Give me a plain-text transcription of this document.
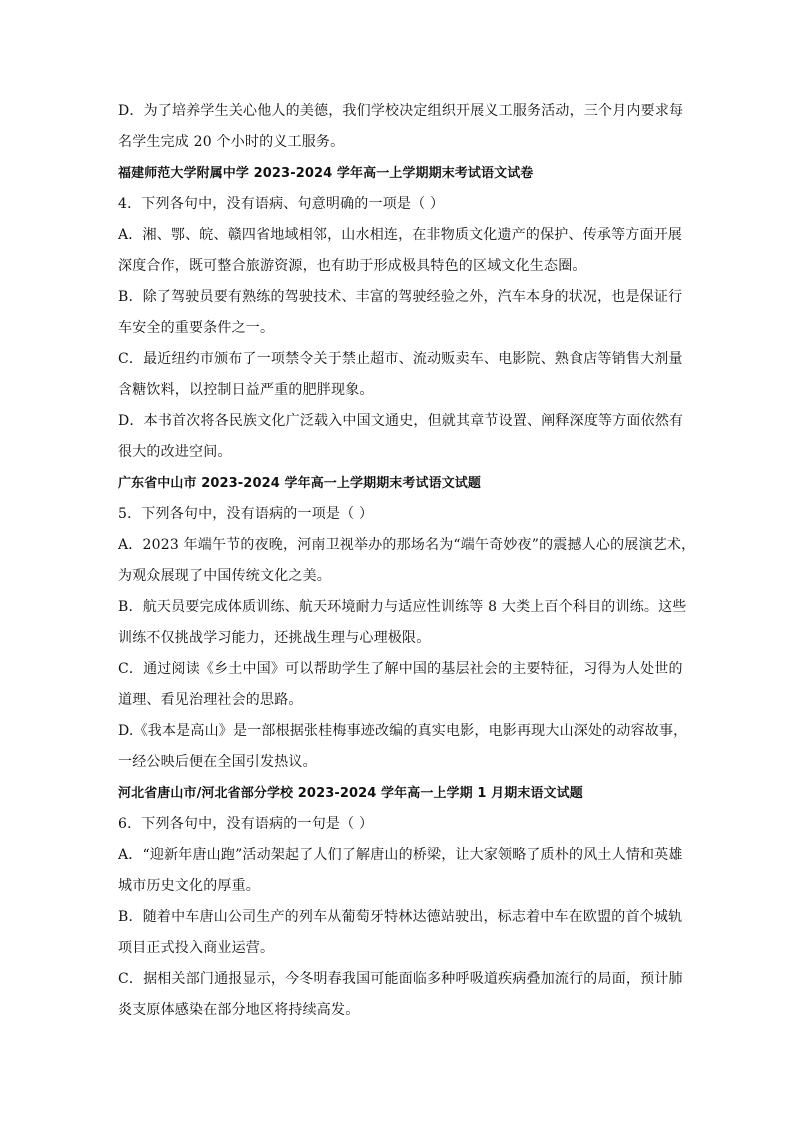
D．为了培养学生关心他人的美德，我们学校决定组织开展义工服务活动，三个月内要求每
名学生完成 20 个小时的义工服务。
福建师范大学附属中学 2023-2024 学年高一上学期期末考试语文试卷
4．下列各句中，没有语病、句意明确的一项是（ ）
A．湘、鄂、皖、赣四省地域相邻，山水相连，在非物质文化遗产的保护、传承等方面开展
深度合作，既可整合旅游资源，也有助于形成极具特色的区域文化生态圈。
B．除了驾驶员要有熟练的驾驶技术、丰富的驾驶经验之外，汽车本身的状况，也是保证行
车安全的重要条件之一。
C．最近纽约市颁布了一项禁令关于禁止超市、流动贩卖车、电影院、熟食店等销售大剂量
含糖饮料，以控制日益严重的肥胖现象。
D．本书首次将各民族文化广泛载入中国文通史，但就其章节设置、阐释深度等方面依然有
很大的改进空间。
广东省中山市 2023-2024 学年高一上学期期末考试语文试题
5．下列各句中，没有语病的一项是（ ）
A．2023 年端午节的夜晚，河南卫视举办的那场名为“端午奇妙夜”的震撼人心的展演艺术，
为观众展现了中国传统文化之美。
B．航天员要完成体质训练、航天环境耐力与适应性训练等 8 大类上百个科目的训练。这些
训练不仅挑战学习能力，还挑战生理与心理极限。
C．通过阅读《乡土中国》可以帮助学生了解中国的基层社会的主要特征，习得为人处世的
道理、看见治理社会的思路。
D.《我本是高山》是一部根据张桂梅事迹改编的真实电影，电影再现大山深处的动容故事，
一经公映后便在全国引发热议。
河北省唐山市/河北省部分学校 2023-2024 学年高一上学期 1 月期末语文试题
6．下列各句中，没有语病的一句是（ ）
A．“迎新年唐山跑”活动架起了人们了解唐山的桥梁，让大家领略了质朴的风土人情和英雄
城市历史文化的厚重。
B．随着中车唐山公司生产的列车从葡萄牙特林达德站驶出，标志着中车在欧盟的首个城轨
项目正式投入商业运营。
C．据相关部门通报显示，今冬明春我国可能面临多种呼吸道疾病叠加流行的局面，预计肺
炎支原体感染在部分地区将持续高发。
